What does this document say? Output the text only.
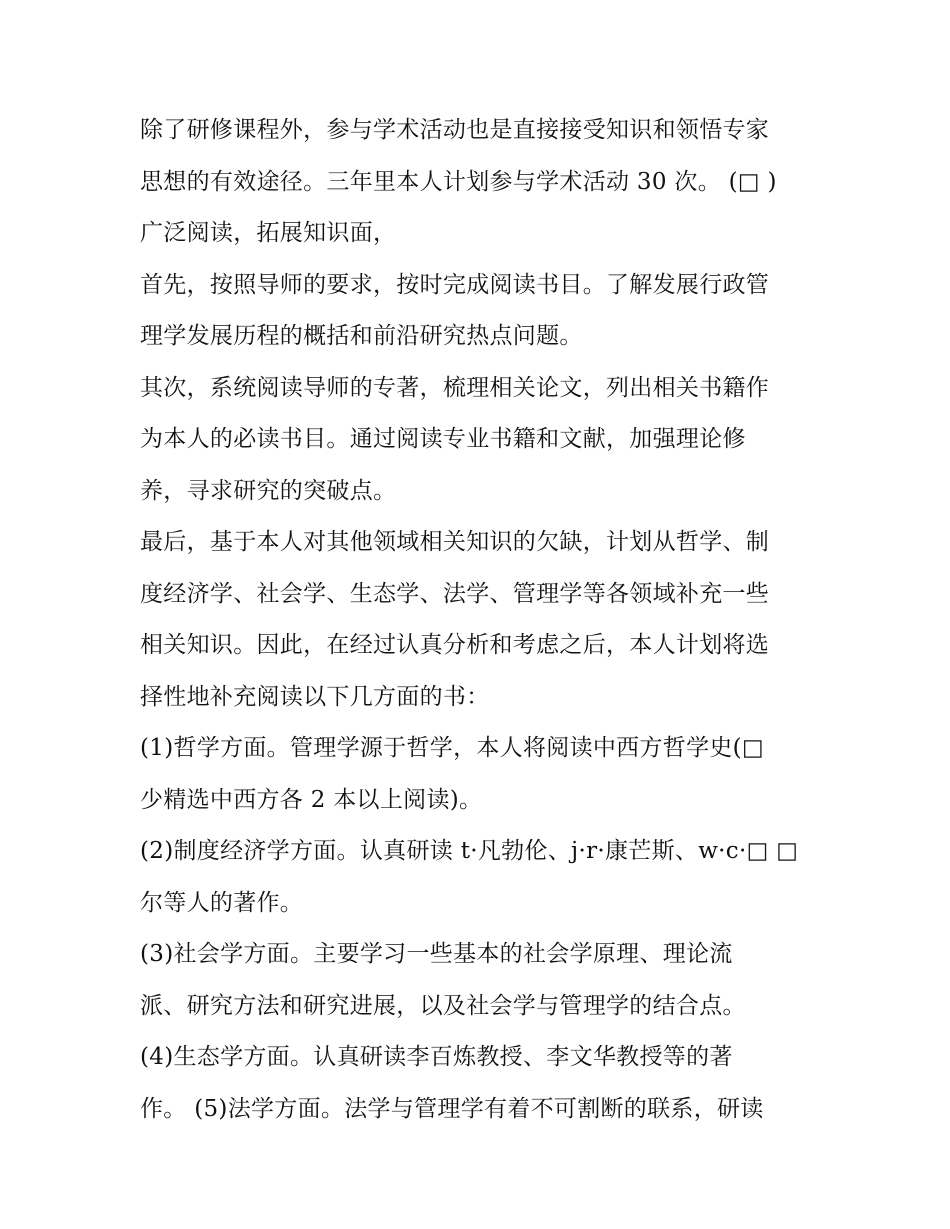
除了研修课程外，参与学术活动也是直接接受知识和领悟专家
思想的有效途径。三年里本人计划参与学术活动 30 次。 (□ )
广泛阅读，拓展知识面，
首先，按照导师的要求，按时完成阅读书目。了解发展行政管
理学发展历程的概括和前沿研究热点问题。
其次，系统阅读导师的专著，梳理相关论文，列出相关书籍作
为本人的必读书目。通过阅读专业书籍和文献，加强理论修
养，寻求研究的突破点。
最后，基于本人对其他领域相关知识的欠缺，计划从哲学、制
度经济学、社会学、生态学、法学、管理学等各领域补充一些
相关知识。因此，在经过认真分析和考虑之后，本人计划将选
择性地补充阅读以下几方面的书：
(1)哲学方面。管理学源于哲学，本人将阅读中西方哲学史(□
少精选中西方各 2 本以上阅读)。
(2)制度经济学方面。认真研读 t·凡勃伦、j·r·康芒斯、w·c·□ □
尔等人的著作。
(3)社会学方面。主要学习一些基本的社会学原理、理论流
派、研究方法和研究进展，以及社会学与管理学的结合点。
(4)生态学方面。认真研读李百炼教授、李文华教授等的著
作。 (5)法学方面。法学与管理学有着不可割断的联系，研读
